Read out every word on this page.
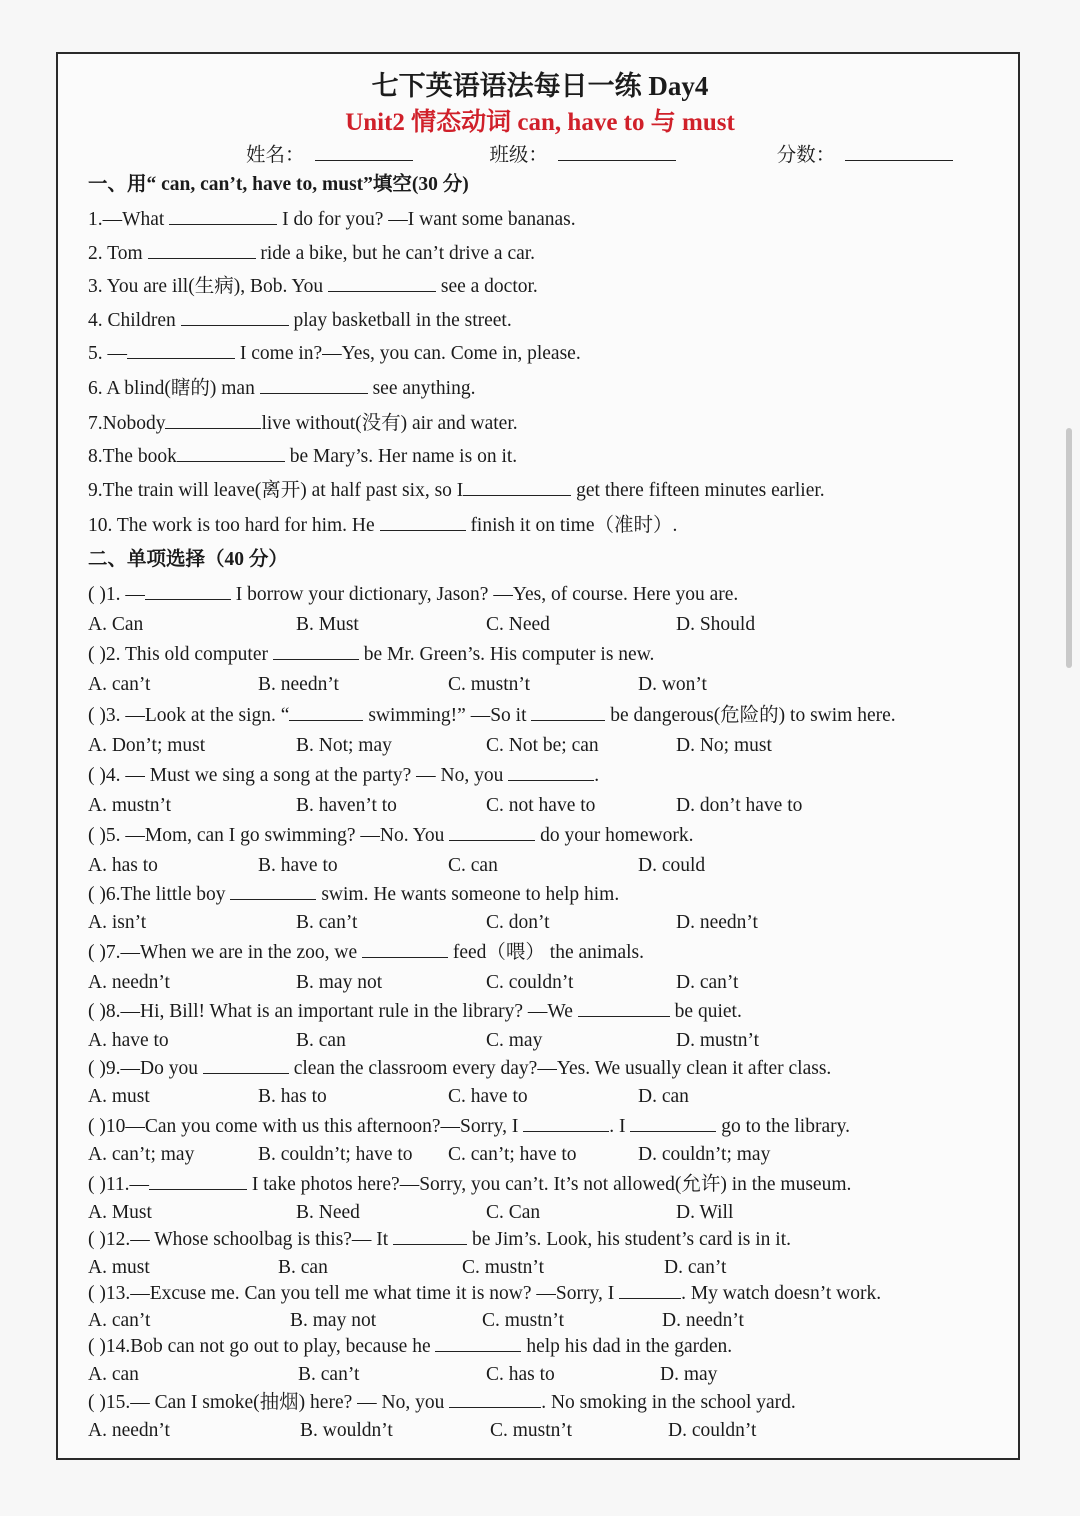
七下英语语法每日一练 Day4
Unit2 情态动词 can, have to 与 must
姓名：	班级：	分数：
一、用“ can, can’t, have to, must”填空(30 分)
1.—What	I do for you? —I want some bananas.
2. Tom	ride a bike, but he can’t drive a car.
3. You are ill(生病), Bob. You	see a doctor.
4. Children	play basketball in the street.
5. —	I come in?—Yes, you can. Come in, please.
6. A blind(瞎的) man	see anything.
7.Nobody	live without(没有) air and water.
8.The book	be Mary’s. Her name is on it.
9.The train will leave(离开) at half past six, so I	get there fifteen minutes earlier.
10. The work is too hard for him. He	finish it on time（准时）.
二、单项选择（40 分）
( )1. —	I borrow your dictionary, Jason? —Yes, of course. Here you are.
A. Can	B. Must	C. Need	D. Should
( )2. This old computer	be Mr. Green’s. His computer is new.
A. can’t	B. needn’t	C. mustn’t	D. won’t
( )3. —Look at the sign. “	swimming!” —So it	be dangerous(危险的) to swim here.
A. Don’t; must	B. Not; may	C. Not be; can	D. No; must
( )4. — Must we sing a song at the party? — No, you	.
A. mustn’t	B. haven’t to	C. not have to	D. don’t have to
( )5. —Mom, can I go swimming? —No. You	do your homework.
A. has to	B. have to	C. can	D. could
( )6.The little boy	swim. He wants someone to help him.
A. isn’t	B. can’t	C. don’t	D. needn’t
( )7.—When we are in the zoo, we	feed（喂） the animals.
A. needn’t	B. may not	C. couldn’t	D. can’t
( )8.—Hi, Bill! What is an important rule in the library? —We	be quiet.
A. have to	B. can	C. may	D. mustn’t
( )9.—Do you	clean the classroom every day?—Yes. We usually clean it after class.
A. must	B. has to	C. have to	D. can
( )10—Can you come with us this afternoon?—Sorry, I	. I	go to the library.
A. can’t; may	B. couldn’t; have to C. can’t; have to	D. couldn’t; may
( )11.—	I take photos here?—Sorry, you can’t. It’s not allowed(允许) in the museum.
A. Must	B. Need	C. Can	D. Will
( )12.— Whose schoolbag is this?— It	be Jim’s. Look, his student’s card is in it.
A. must	B. can	C. mustn’t	D. can’t
( )13.—Excuse me. Can you tell me what time it is now? —Sorry, I	. My watch doesn’t work.
A. can’t	B. may not	C. mustn’t	D. needn’t
( )14.Bob can not go out to play, because he	help his dad in the garden.
A. can	B. can’t	C. has to	D. may
( )15.— Can I smoke(抽烟) here? — No, you	. No smoking in the school yard.
A. needn’t	B. wouldn’t	C. mustn’t	D. couldn’t
